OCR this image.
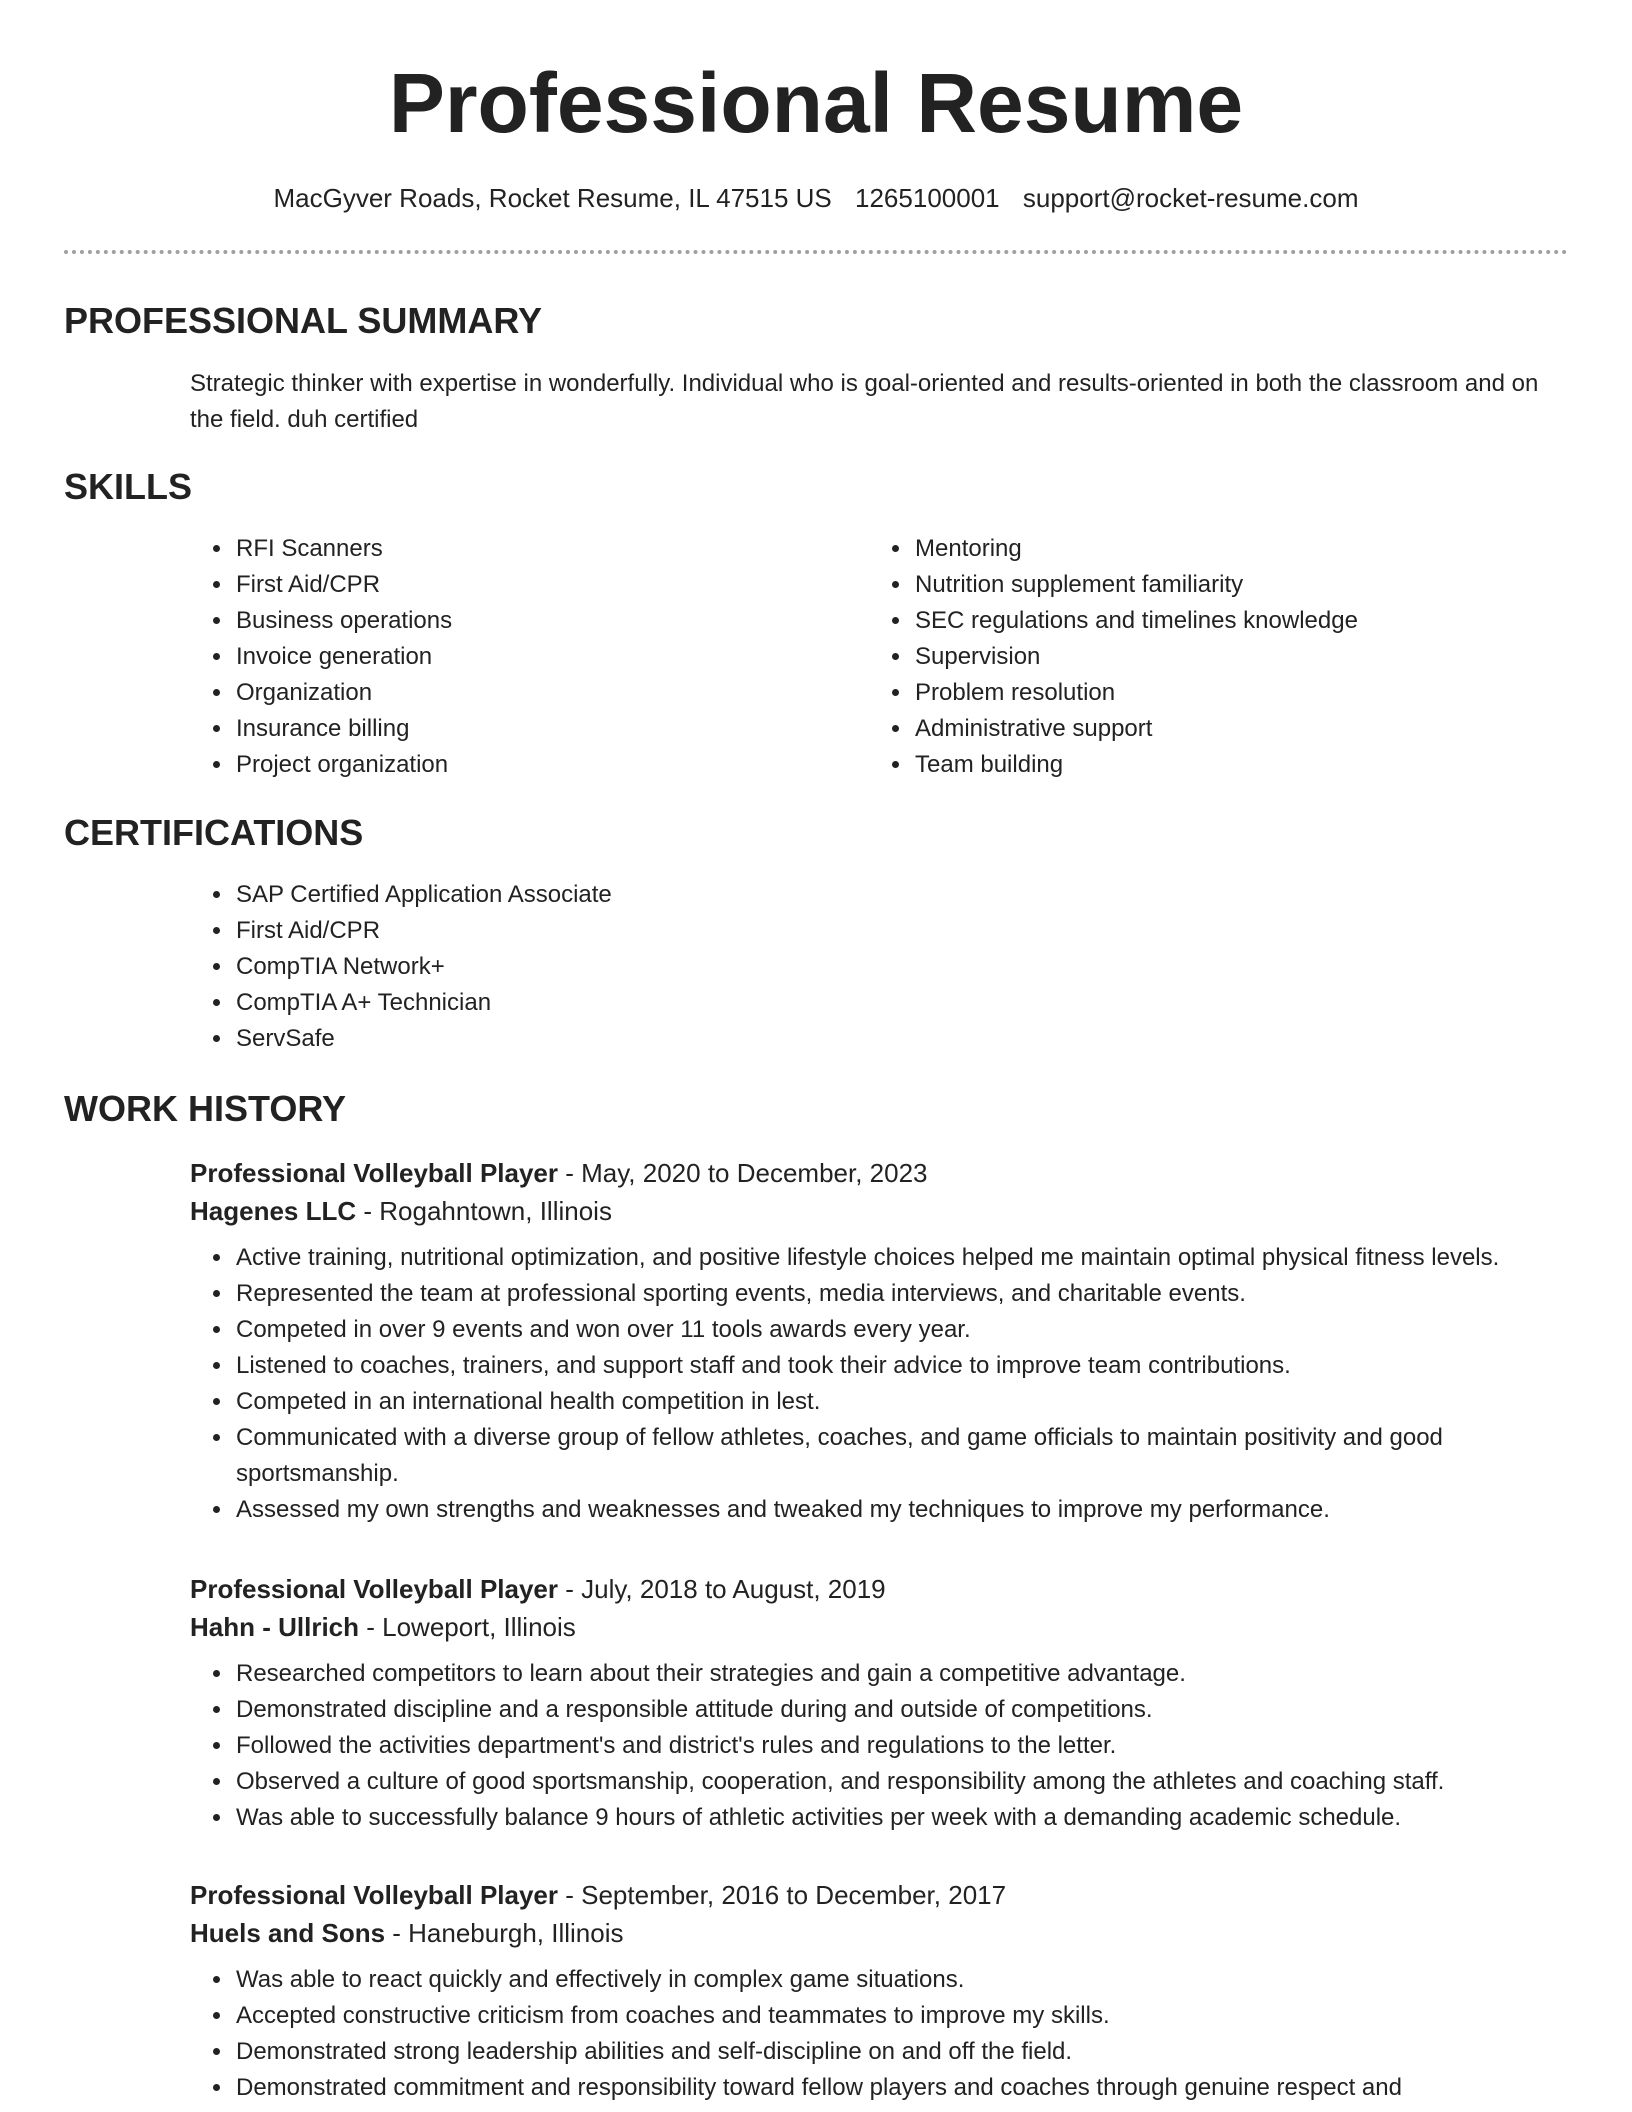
Professional Resume
MacGyver Roads, Rocket Resume, IL 47515 US 1265100001 support@rocket-resume.com
PROFESSIONAL SUMMARY

Strategic thinker with expertise in wonderfully. Individual who is goal-oriented and results-oriented in both the classroom and on the field. duh certified

SKILLS
• RFI Scanners
• First Aid/CPR
• Business operations
• Invoice generation
• Organization
• Insurance billing
• Project organization
• Mentoring
• Nutrition supplement familiarity
• SEC regulations and timelines knowledge
• Supervision
• Problem resolution
• Administrative support
• Team building
CERTIFICATIONS
• SAP Certified Application Associate
• First Aid/CPR
• CompTIA Network+
• CompTIA A+ Technician
• ServSafe
WORK HISTORY
Professional Volleyball Player - May, 2020 to December, 2023
Hagenes LLC - Rogahntown, Illinois
• Active training, nutritional optimization, and positive lifestyle choices helped me maintain optimal physical fitness levels.
• Represented the team at professional sporting events, media interviews, and charitable events.
• Competed in over 9 events and won over 11 tools awards every year.
• Listened to coaches, trainers, and support staff and took their advice to improve team contributions.
• Competed in an international health competition in lest.
• Communicated with a diverse group of fellow athletes, coaches, and game officials to maintain positivity and good sportsmanship.
• Assessed my own strengths and weaknesses and tweaked my techniques to improve my performance.
Professional Volleyball Player - July, 2018 to August, 2019
Hahn - Ullrich - Loweport, Illinois
• Researched competitors to learn about their strategies and gain a competitive advantage.
• Demonstrated discipline and a responsible attitude during and outside of competitions.
• Followed the activities department's and district's rules and regulations to the letter.
• Observed a culture of good sportsmanship, cooperation, and responsibility among the athletes and coaching staff.
• Was able to successfully balance 9 hours of athletic activities per week with a demanding academic schedule.
Professional Volleyball Player - September, 2016 to December, 2017
Huels and Sons - Haneburgh, Illinois
• Was able to react quickly and effectively in complex game situations.
• Accepted constructive criticism from coaches and teammates to improve my skills.
• Demonstrated strong leadership abilities and self-discipline on and off the field.
• Demonstrated commitment and responsibility toward fellow players and coaches through genuine respect and
